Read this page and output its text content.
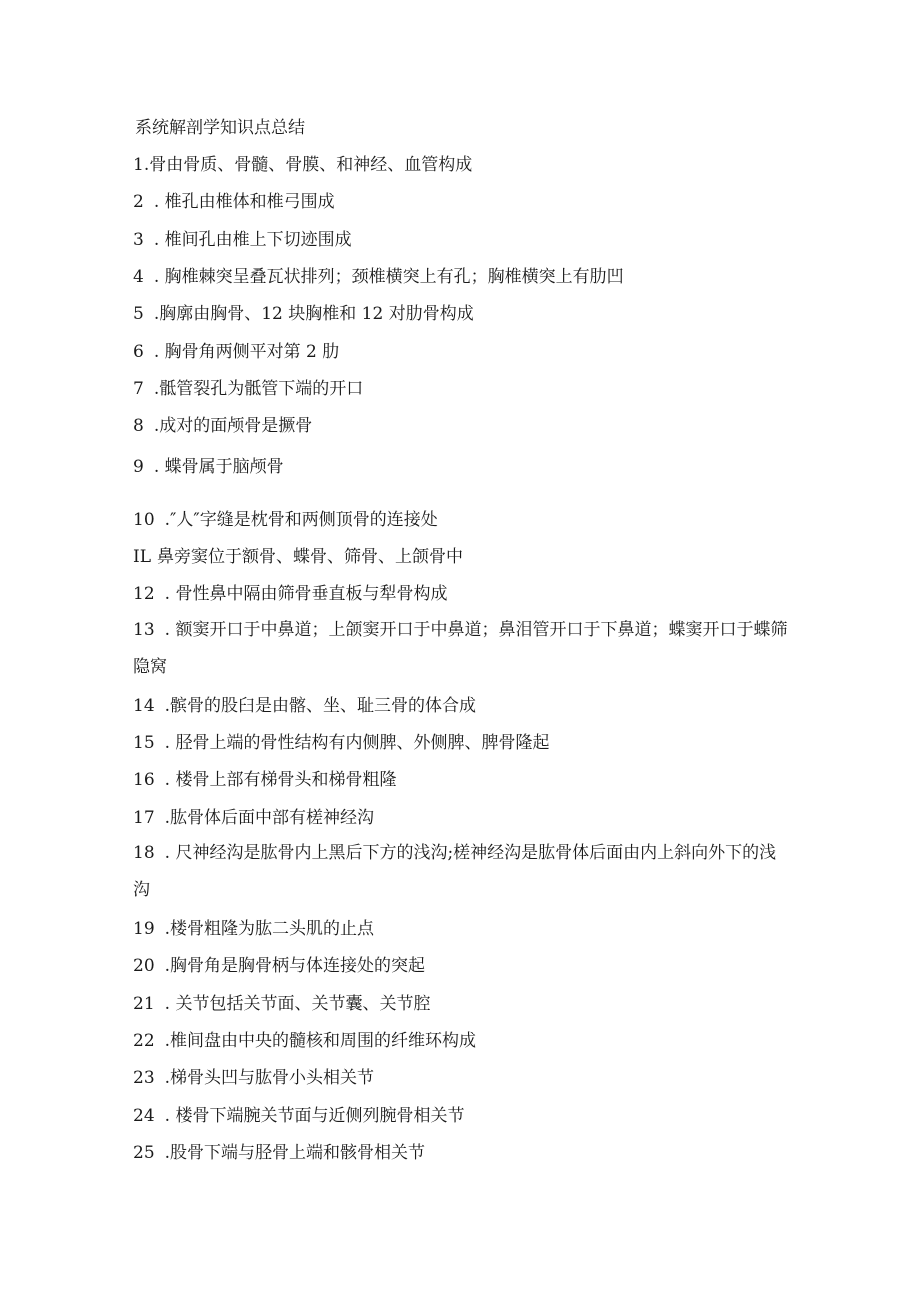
系统解剖学知识点总结
1.骨由骨质、骨髓、骨膜、和神经、血管构成
2 . 椎孔由椎体和椎弓围成
3 . 椎间孔由椎上下切迹围成
4 . 胸椎棘突呈叠瓦状排列；颈椎横突上有孔；胸椎横突上有肋凹
5 .胸廓由胸骨、12 块胸椎和 12 对肋骨构成
6 . 胸骨角两侧平对第 2 肋
7 .骶管裂孔为骶管下端的开口
8 .成对的面颅骨是撅骨
9 . 蝶骨属于脑颅骨
10 .″人″字缝是枕骨和两侧顶骨的连接处
IL 鼻旁窦位于额骨、蝶骨、筛骨、上颌骨中
12 . 骨性鼻中隔由筛骨垂直板与犁骨构成
13 . 额窦开口于中鼻道；上颌窦开口于中鼻道；鼻泪管开口于下鼻道；蝶窦开口于蝶筛隐窝
14 .髌骨的股臼是由髂、坐、耻三骨的体合成
15 . 胫骨上端的骨性结构有内侧脾、外侧脾、脾骨隆起
16 . 楼骨上部有梯骨头和梯骨粗隆
17 .肱骨体后面中部有槎神经沟
18 . 尺神经沟是肱骨内上黑后下方的浅沟;槎神经沟是肱骨体后面由内上斜向外下的浅沟
19 .楼骨粗隆为肱二头肌的止点
20 .胸骨角是胸骨柄与体连接处的突起
21 . 关节包括关节面、关节囊、关节腔
22 .椎间盘由中央的髓核和周围的纤维环构成
23 .梯骨头凹与肱骨小头相关节
24 . 楼骨下端腕关节面与近侧列腕骨相关节
25 .股骨下端与胫骨上端和骸骨相关节
